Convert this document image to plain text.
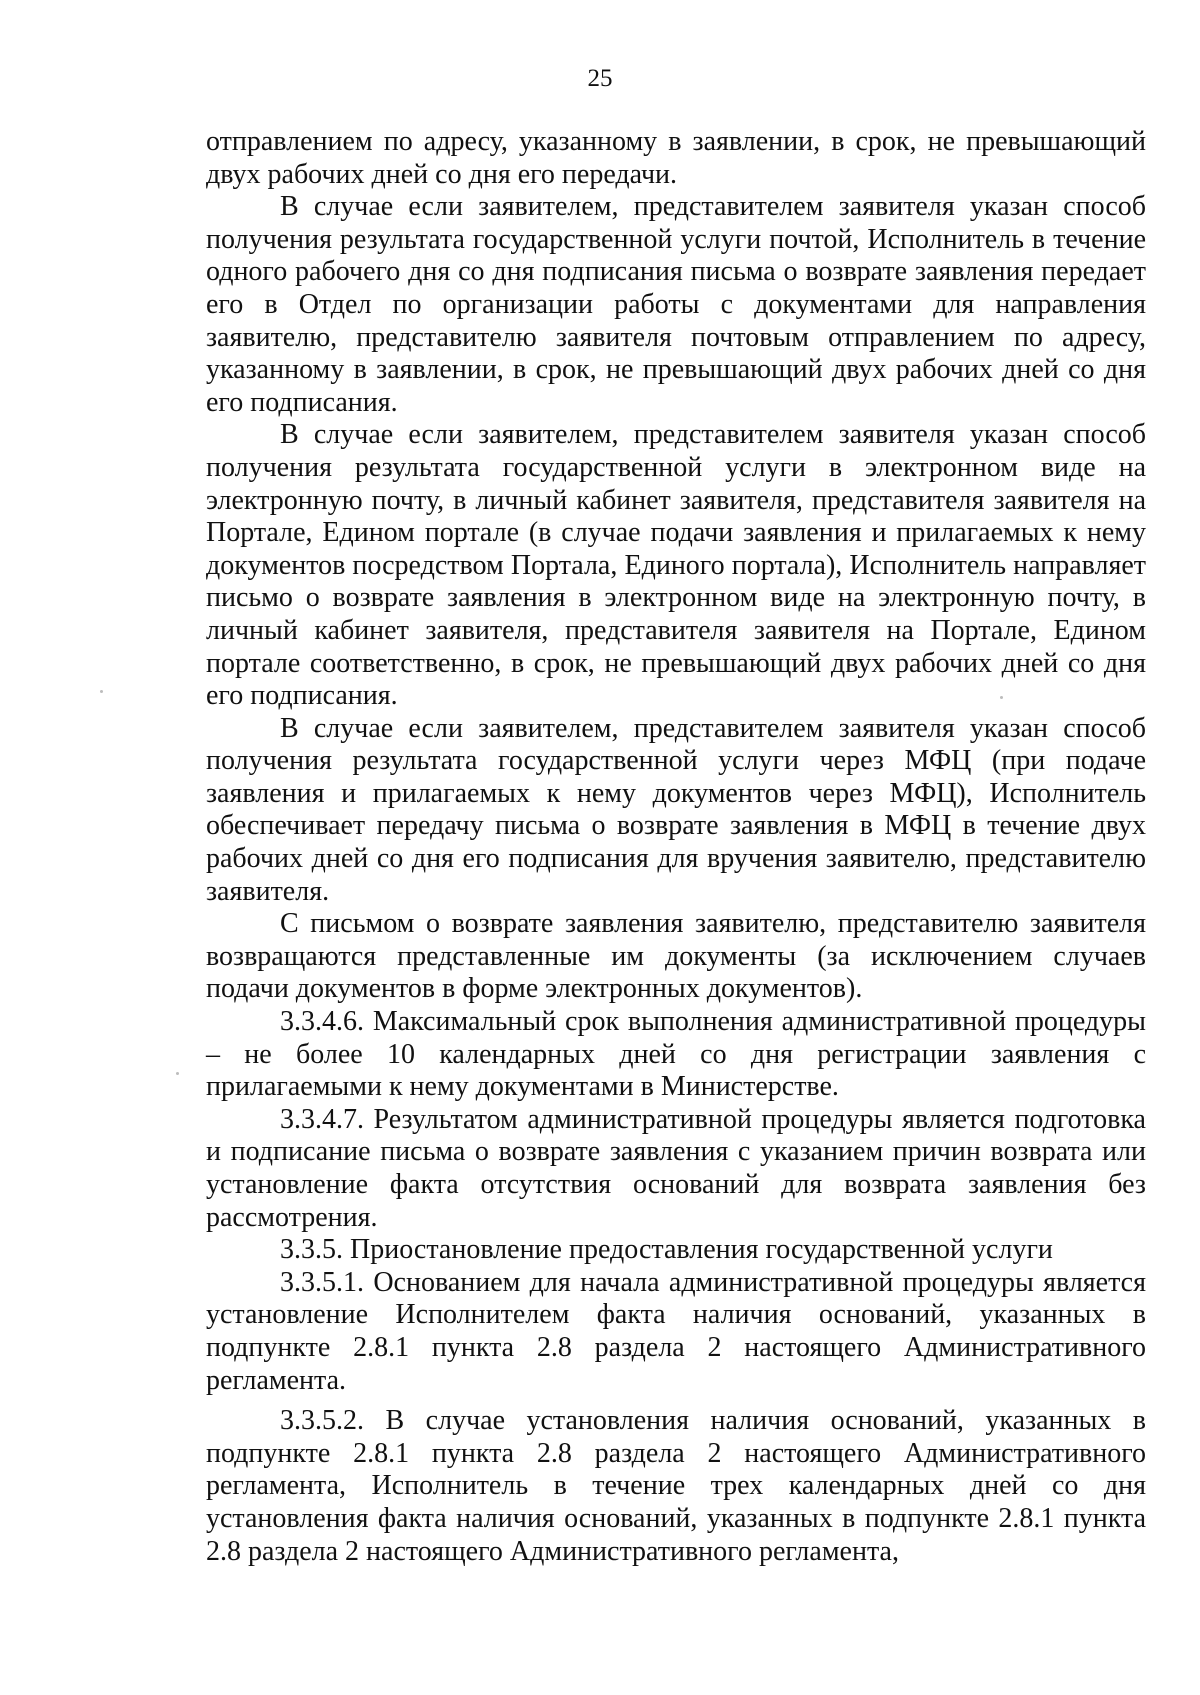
25

отправлением по адресу, указанному в заявлении, в срок, не превышающий двух рабочих дней со дня его передачи.

В случае если заявителем, представителем заявителя указан способ получения результата государственной услуги почтой, Исполнитель в течение одного рабочего дня со дня подписания письма о возврате заявления передает его в Отдел по организации работы с документами для направления заявителю, представителю заявителя почтовым отправлением по адресу, указанному в заявлении, в срок, не превышающий двух рабочих дней со дня его подписания.

В случае если заявителем, представителем заявителя указан способ получения результата государственной услуги в электронном виде на электронную почту, в личный кабинет заявителя, представителя заявителя на Портале, Едином портале (в случае подачи заявления и прилагаемых к нему документов посредством Портала, Единого портала), Исполнитель направляет письмо о возврате заявления в электронном виде на электронную почту, в личный кабинет заявителя, представителя заявителя на Портале, Едином портале соответственно, в срок, не превышающий двух рабочих дней со дня его подписания.

В случае если заявителем, представителем заявителя указан способ получения результата государственной услуги через МФЦ (при подаче заявления и прилагаемых к нему документов через МФЦ), Исполнитель обеспечивает передачу письма о возврате заявления в МФЦ в течение двух рабочих дней со дня его подписания для вручения заявителю, представителю заявителя.

С письмом о возврате заявления заявителю, представителю заявителя возвращаются представленные им документы (за исключением случаев подачи документов в форме электронных документов).

3.3.4.6. Максимальный срок выполнения административной процедуры – не более 10 календарных дней со дня регистрации заявления с прилагаемыми к нему документами в Министерстве.

3.3.4.7. Результатом административной процедуры является подготовка и подписание письма о возврате заявления с указанием причин возврата или установление факта отсутствия оснований для возврата заявления без рассмотрения.

3.3.5. Приостановление предоставления государственной услуги

3.3.5.1. Основанием для начала административной процедуры является установление Исполнителем факта наличия оснований, указанных в подпункте 2.8.1 пункта 2.8 раздела 2 настоящего Административного регламента.

3.3.5.2. В случае установления наличия оснований, указанных в подпункте 2.8.1 пункта 2.8 раздела 2 настоящего Административного регламента, Исполнитель в течение трех календарных дней со дня установления факта наличия оснований, указанных в подпункте 2.8.1 пункта 2.8 раздела 2 настоящего Административного регламента,
